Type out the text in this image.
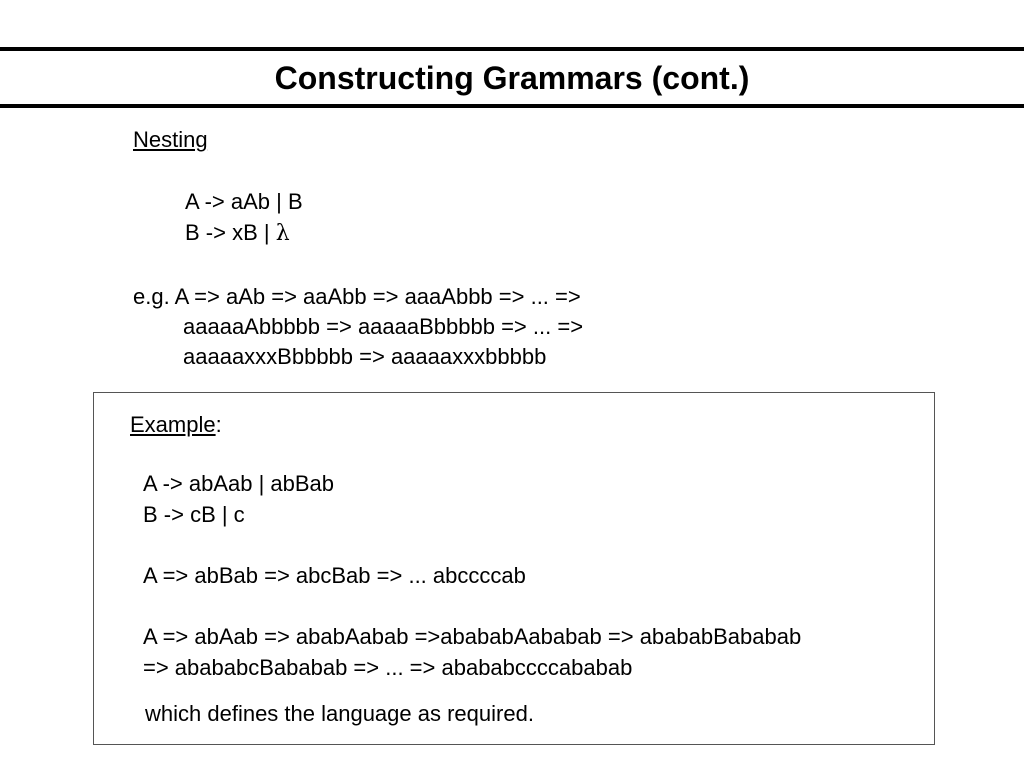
Constructing Grammars (cont.)
Nesting
A -> aAb | B
B -> xB | λ
e.g. A => aAb => aaAbb => aaaAbbb => ... =>
aaaaaAbbbbb => aaaaaBbbbbb => ... =>
aaaaaxxxBbbbbb => aaaaaxxxbbbbb
Example:
A -> abAab | abBab
B -> cB | c
A => abBab => abcBab => ... abccccab
A => abAab => ababAabab =>abababAababab => abababBababab
=> abababcBababab => ... => abababccccababab
which defines the language as required.
